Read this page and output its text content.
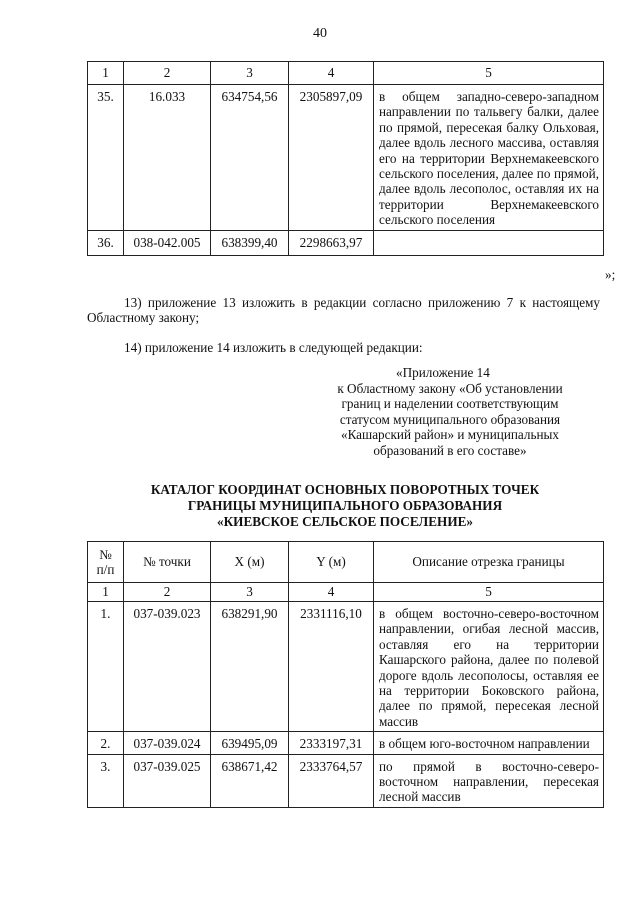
40
1	2	3	4	5
35.	16.033	634754,56	2305897,09	в общем западно-северо-западном направлении по тальвегу балки, далее по прямой, пересекая балку Ольховая, далее вдоль лесного массива, оставляя его на территории Верхнемакеевского сельского поселения, далее по прямой, далее вдоль лесополос, оставляя их на территории Верхнемакеевского сельского поселения
36.	038-042.005	638399,40	2298663,97	
»;
13) приложение 13 изложить в редакции согласно приложению 7 к настоящему Областному закону;
14) приложение 14 изложить в следующей редакции:
«Приложение 14
к Областному закону «Об установлении
границ и наделении соответствующим
статусом муниципального образования
«Кашарский район» и муниципальных
образований в его составе»
КАТАЛОГ КООРДИНАТ ОСНОВНЫХ ПОВОРОТНЫХ ТОЧЕК
ГРАНИЦЫ МУНИЦИПАЛЬНОГО ОБРАЗОВАНИЯ
«КИЕВСКОЕ СЕЛЬСКОЕ ПОСЕЛЕНИЕ»
№
п/п	№ точки	X (м)	Y (м)	Описание отрезка границы
1	2	3	4	5
1.	037-039.023	638291,90	2331116,10	в общем восточно-северо-восточном направлении, огибая лесной массив, оставляя его на территории Кашарского района, далее по полевой дороге вдоль лесополосы, оставляя ее на территории Боковского района, далее по прямой, пересекая лесной массив
2.	037-039.024	639495,09	2333197,31	в общем юго-восточном направлении
3.	037-039.025	638671,42	2333764,57	по прямой в восточно-северо-восточном направлении, пересекая лесной массив
